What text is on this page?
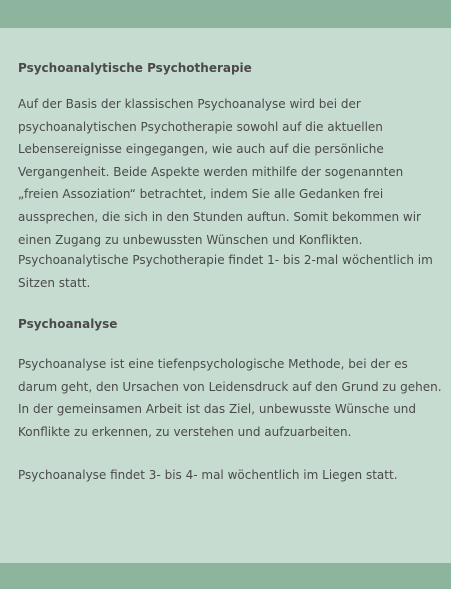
Psychoanalytische Psychotherapie

Auf der Basis der klassischen Psychoanalyse wird bei der psychoanalytischen Psychotherapie sowohl auf die aktuellen Lebensereignisse eingegangen, wie auch auf die persönliche Vergangenheit. Beide Aspekte werden mithilfe der sogenannten „freien Assoziation“ betrachtet, indem Sie alle Gedanken frei aussprechen, die sich in den Stunden auftun. Somit bekommen wir einen Zugang zu unbewussten Wünschen und Konflikten.

Psychoanalytische Psychotherapie findet 1- bis 2-mal wöchentlich im Sitzen statt.

Psychoanalyse

Psychoanalyse ist eine tiefenpsychologische Methode, bei der es darum geht, den Ursachen von Leidensdruck auf den Grund zu gehen. In der gemeinsamen Arbeit ist das Ziel, unbewusste Wünsche und Konflikte zu erkennen, zu verstehen und aufzuarbeiten.

Psychoanalyse findet 3- bis 4- mal wöchentlich im Liegen statt.
